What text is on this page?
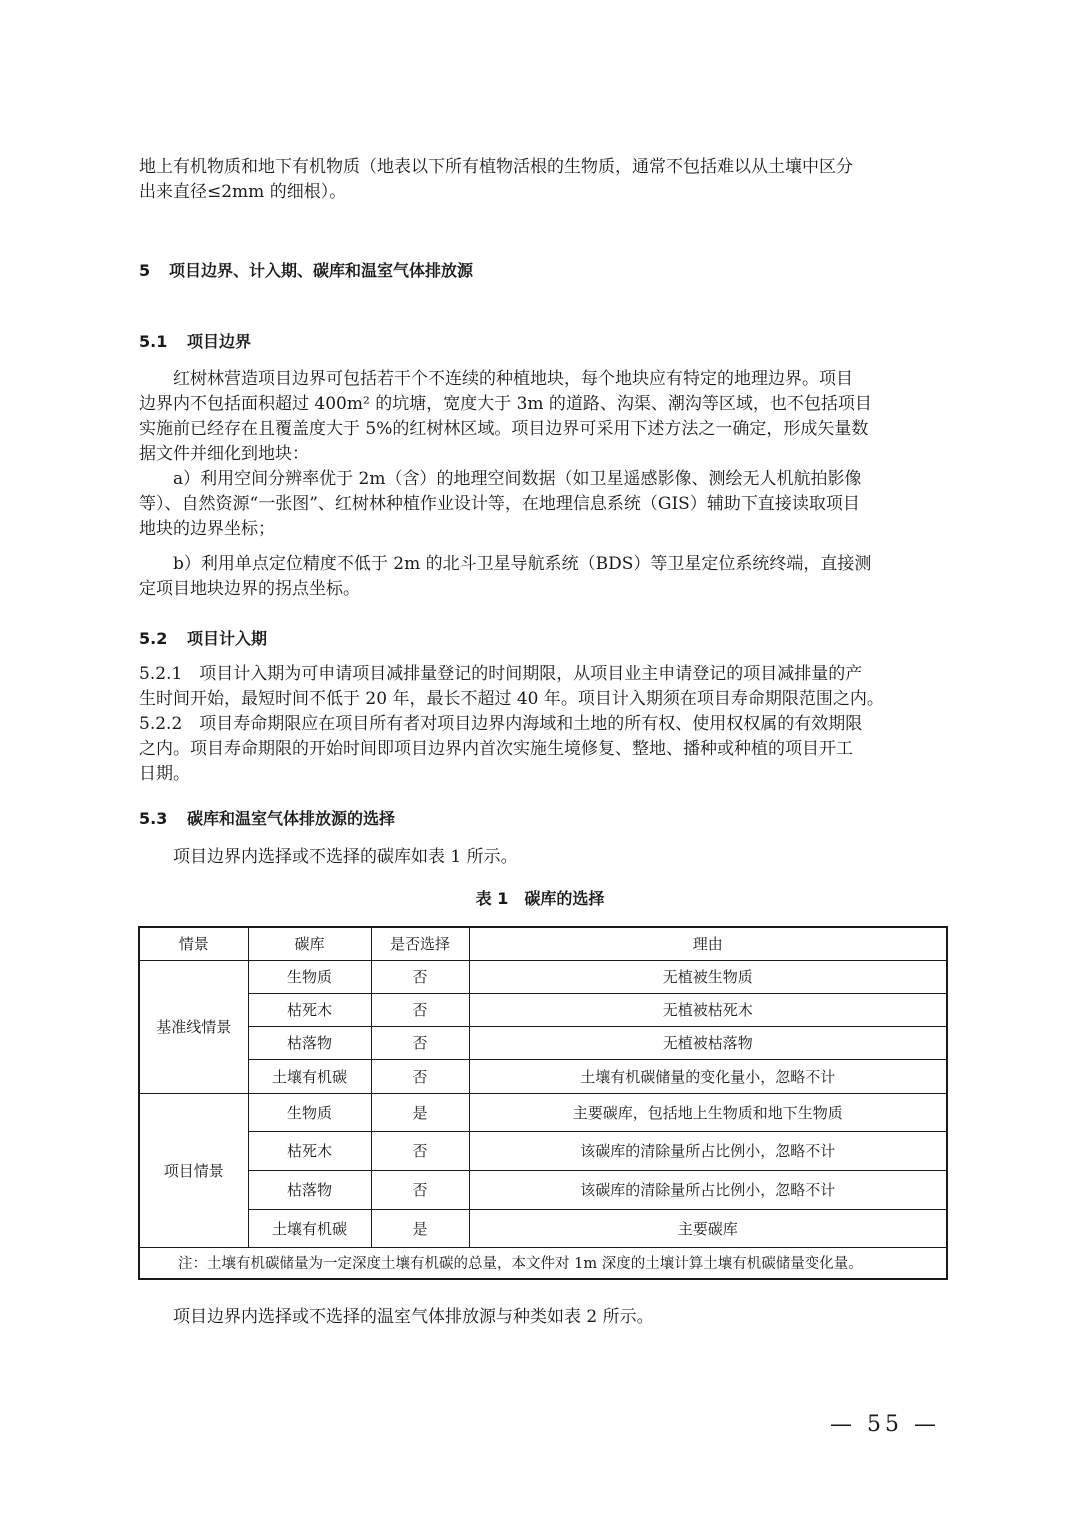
地上有机物质和地下有机物质（地表以下所有植物活根的生物质，通常不包括难以从土壤中区分
出来直径≤2mm 的细根）。
5 项目边界、计入期、碳库和温室气体排放源
5.1 项目边界
红树林营造项目边界可包括若干个不连续的种植地块，每个地块应有特定的地理边界。项目
边界内不包括面积超过 400m² 的坑塘，宽度大于 3m 的道路、沟渠、潮沟等区域，也不包括项目
实施前已经存在且覆盖度大于 5%的红树林区域。项目边界可采用下述方法之一确定，形成矢量数
据文件并细化到地块：
a）利用空间分辨率优于 2m（含）的地理空间数据（如卫星遥感影像、测绘无人机航拍影像
等）、自然资源“一张图”、红树林种植作业设计等，在地理信息系统（GIS）辅助下直接读取项目
地块的边界坐标；
b）利用单点定位精度不低于 2m 的北斗卫星导航系统（BDS）等卫星定位系统终端，直接测
定项目地块边界的拐点坐标。
5.2 项目计入期
5.2.1　项目计入期为可申请项目减排量登记的时间期限，从项目业主申请登记的项目减排量的产
生时间开始，最短时间不低于 20 年，最长不超过 40 年。项目计入期须在项目寿命期限范围之内。
5.2.2　项目寿命期限应在项目所有者对项目边界内海域和土地的所有权、使用权权属的有效期限
之内。项目寿命期限的开始时间即项目边界内首次实施生境修复、整地、播种或种植的项目开工
日期。
5.3 碳库和温室气体排放源的选择
项目边界内选择或不选择的碳库如表 1 所示。
表 1 碳库的选择
情景	碳库	是否选择	理由
基准线情景	生物质	否	无植被生物质
	枯死木	否	无植被枯死木
	枯落物	否	无植被枯落物
	土壤有机碳	否	土壤有机碳储量的变化量小，忽略不计
项目情景	生物质	是	主要碳库，包括地上生物质和地下生物质
	枯死木	否	该碳库的清除量所占比例小，忽略不计
	枯落物	否	该碳库的清除量所占比例小，忽略不计
	土壤有机碳	是	主要碳库
注：土壤有机碳储量为一定深度土壤有机碳的总量，本文件对 1m 深度的土壤计算土壤有机碳储量变化量。			
项目边界内选择或不选择的温室气体排放源与种类如表 2 所示。
— 55 —
